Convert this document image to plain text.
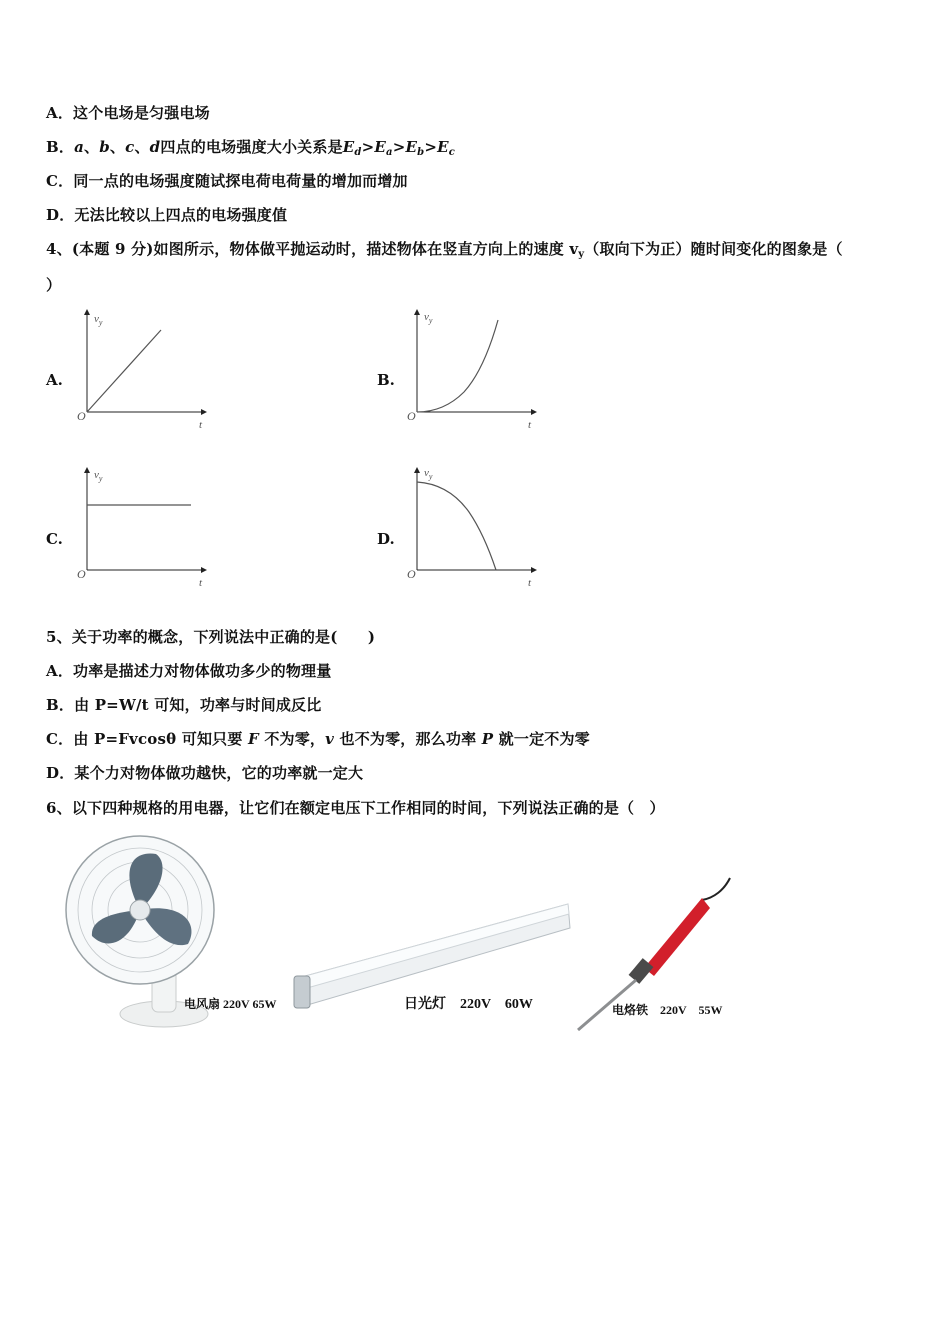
A．这个电场是匀强电场
B．a、b、c、d四点的电场强度大小关系是$E_d>E_a>E_b>E_c$
C．同一点的电场强度随试探电荷电荷量的增加而增加
D．无法比较以上四点的电场强度值
4、(本题 9 分)如图所示，物体做平抛运动时，描述物体在竖直方向上的速度 $v_y$（取向下为正）随时间变化的图象是（
）
A.	B.
C.	D.
$v_y$
O
t
$v_y$
O
t
$v_y$
O
t
$v_y$
O
t
5、关于功率的概念，下列说法中正确的是(　　)
A．功率是描述力对物体做功多少的物理量
B．由 P=W/t 可知，功率与时间成反比
C．由 P=Fvcosθ 可知只要 F 不为零，v 也不为零，那么功率 P 就一定不为零
D．某个力对物体做功越快，它的功率就一定大
6、以下四种规格的用电器，让它们在额定电压下工作相同的时间，下列说法正确的是（　）
电风扇 220V 65W	日光灯　 220V　60W	电烙铁　 220V　55W
